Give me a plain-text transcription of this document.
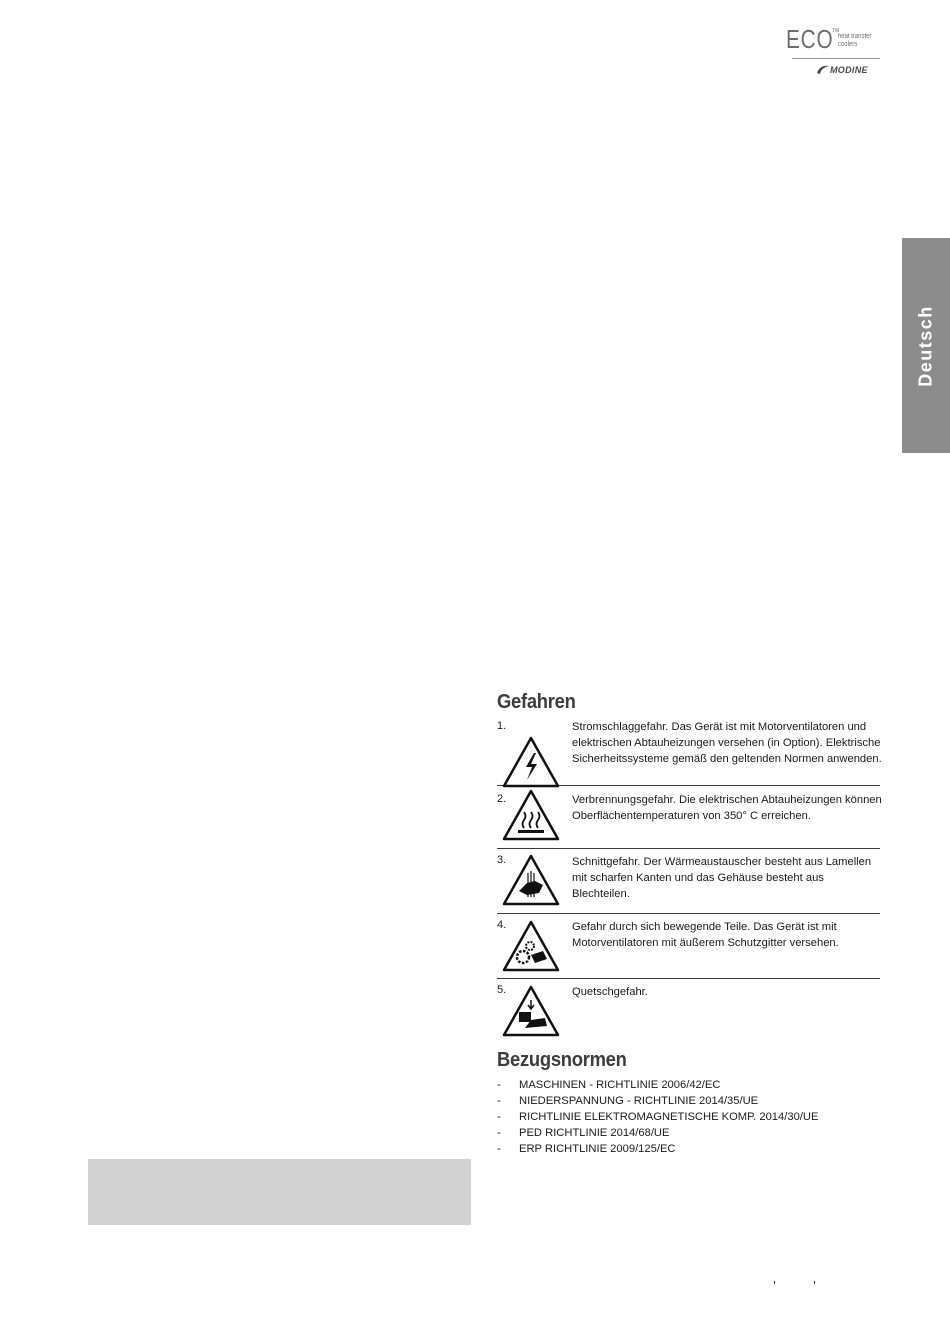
ECO
TM
heat transfer
coolers
MODINE
Deutsch
Gefahren
1.	Stromschlaggefahr. Das Gerät ist mit Motorventilatoren und elektrischen Abtauheizungen versehen (in Option). Elektrische Sicherheitssysteme gemäß den geltenden Normen anwenden.
2.	Verbrennungsgefahr. Die elektrischen Abtauheizungen können Oberflächentemperaturen von 350° C erreichen.
3.	Schnittgefahr. Der Wärmeaustauscher besteht aus Lamellen mit scharfen Kanten und das Gehäuse besteht aus Blechteilen.
4.	Gefahr durch sich bewegende Teile. Das Gerät ist mit Motorventilatoren mit äußerem Schutzgitter versehen.
5.	Quetschgefahr.
Bezugsnormen
-	MASCHINEN - RICHTLINIE 2006/42/EC
-	NIEDERSPANNUNG - RICHTLINIE 2014/35/UE
-	RICHTLINIE ELEKTROMAGNETISCHE KOMP. 2014/30/UE
-	PED RICHTLINIE 2014/68/UE
-	ERP RICHTLINIE 2009/125/EC
